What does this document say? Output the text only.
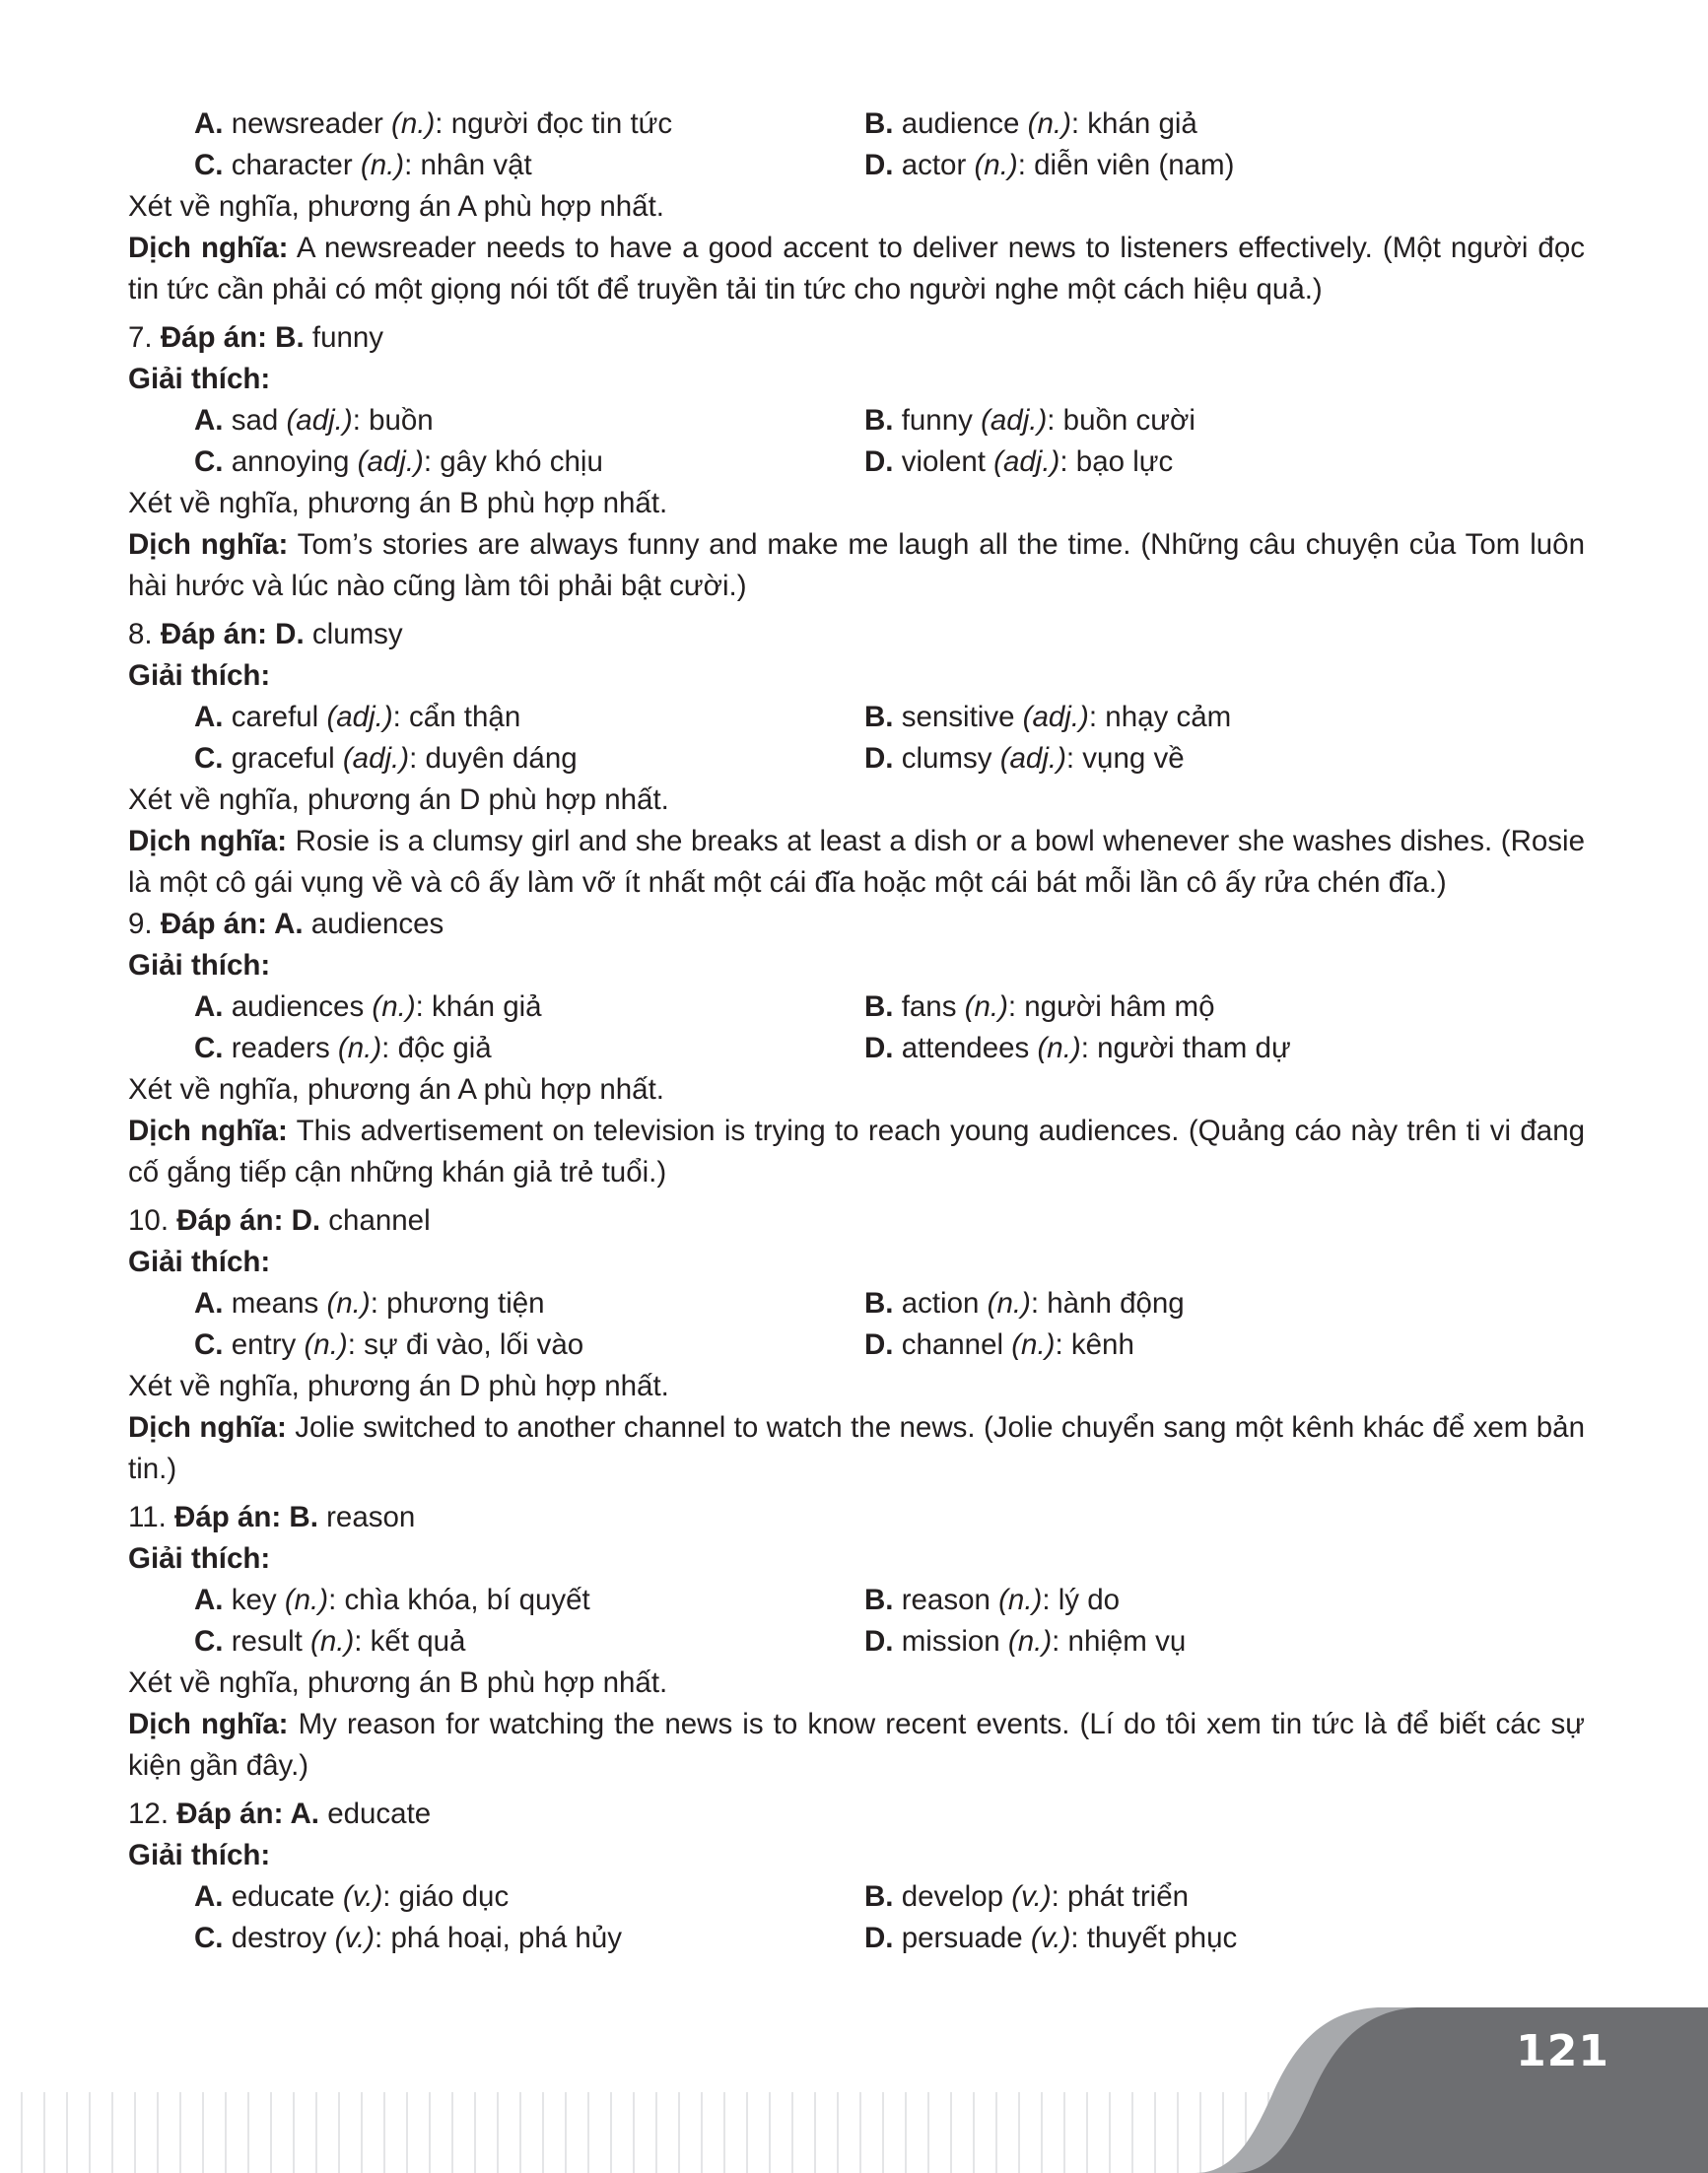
A. newsreader (n.): người đọc tin tức	B. audience (n.): khán giả
C. character (n.): nhân vật	D. actor (n.): diễn viên (nam)
Xét về nghĩa, phương án A phù hợp nhất.
Dịch nghĩa: A newsreader needs to have a good accent to deliver news to listeners effectively. (Một người đọc tin tức cần phải có một giọng nói tốt để truyền tải tin tức cho người nghe một cách hiệu quả.)
7. Đáp án: B. funny
Giải thích:
A. sad (adj.): buồn	B. funny (adj.): buồn cười
C. annoying (adj.): gây khó chịu	D. violent (adj.): bạo lực
Xét về nghĩa, phương án B phù hợp nhất.
Dịch nghĩa: Tom’s stories are always funny and make me laugh all the time. (Những câu chuyện của Tom luôn hài hước và lúc nào cũng làm tôi phải bật cười.)
8. Đáp án: D. clumsy
Giải thích:
A. careful (adj.): cẩn thận	B. sensitive (adj.): nhạy cảm
C. graceful (adj.): duyên dáng	D. clumsy (adj.): vụng về
Xét về nghĩa, phương án D phù hợp nhất.
Dịch nghĩa: Rosie is a clumsy girl and she breaks at least a dish or a bowl whenever she washes dishes. (Rosie là một cô gái vụng về và cô ấy làm vỡ ít nhất một cái đĩa hoặc một cái bát mỗi lần cô ấy rửa chén đĩa.)
9. Đáp án: A. audiences
Giải thích:
A. audiences (n.): khán giả	B. fans (n.): người hâm mộ
C. readers (n.): độc giả	D. attendees (n.): người tham dự
Xét về nghĩa, phương án A phù hợp nhất.
Dịch nghĩa: This advertisement on television is trying to reach young audiences. (Quảng cáo này trên ti vi đang cố gắng tiếp cận những khán giả trẻ tuổi.)
10. Đáp án: D. channel
Giải thích:
A. means (n.): phương tiện	B. action (n.): hành động
C. entry (n.): sự đi vào, lối vào	D. channel (n.): kênh
Xét về nghĩa, phương án D phù hợp nhất.
Dịch nghĩa: Jolie switched to another channel to watch the news. (Jolie chuyển sang một kênh khác để xem bản tin.)
11. Đáp án: B. reason
Giải thích:
A. key (n.): chìa khóa, bí quyết	B. reason (n.): lý do
C. result (n.): kết quả	D. mission (n.): nhiệm vụ
Xét về nghĩa, phương án B phù hợp nhất.
Dịch nghĩa: My reason for watching the news is to know recent events. (Lí do tôi xem tin tức là để biết các sự kiện gần đây.)
12. Đáp án: A. educate
Giải thích:
A. educate (v.): giáo dục	B. develop (v.): phát triển
C. destroy (v.): phá hoại, phá hủy	D. persuade (v.): thuyết phục
121
